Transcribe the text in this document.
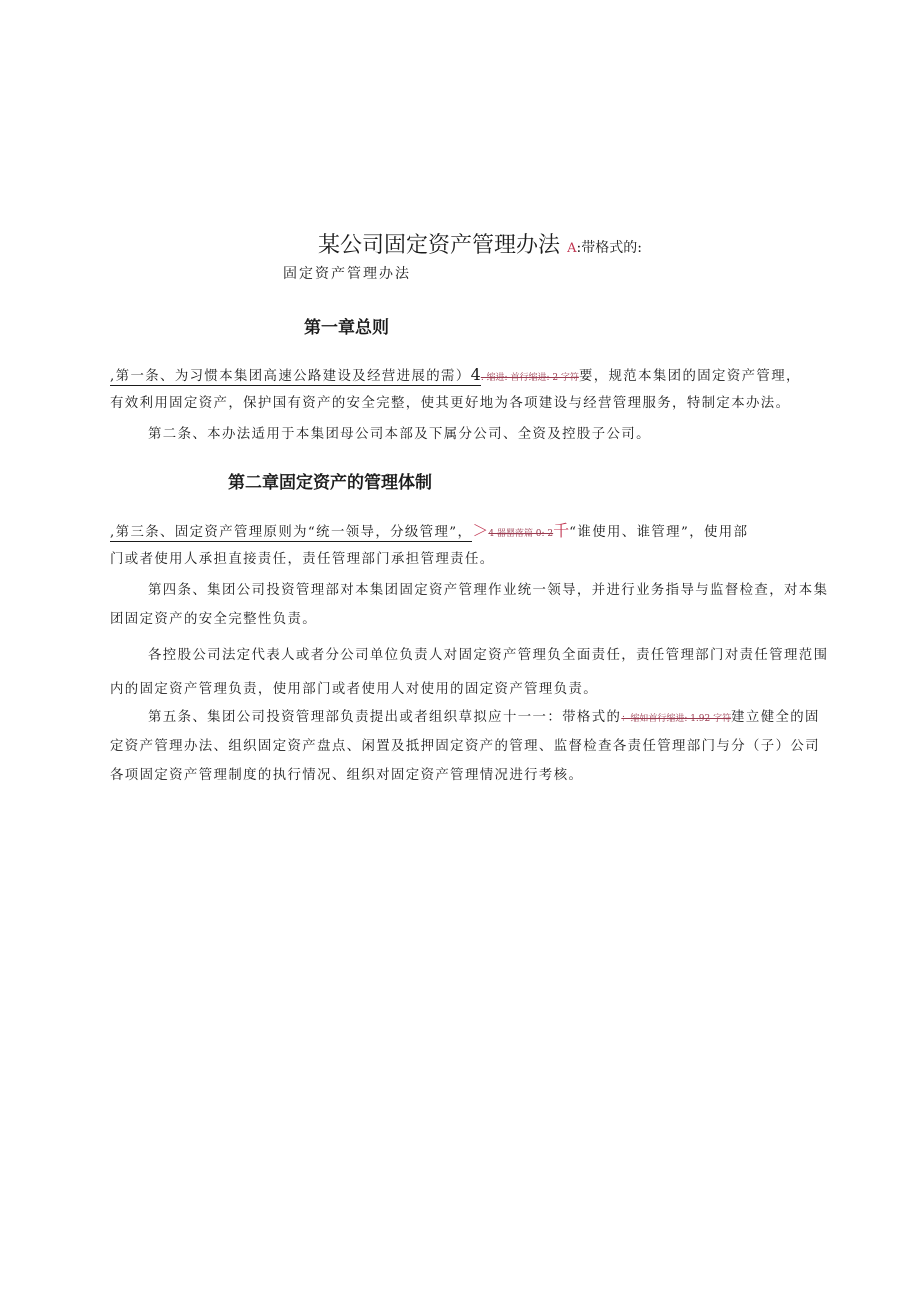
某公司固定资产管理办法 A:带格式的:
固定资产管理办法
第一章总则
,第一条、为习惯本集团高速公路建设及经营进展的需）4. 缩进: 首行缩进: 2 字符要，规范本集团的固定资产管理，
有效利用固定资产，保护国有资产的安全完整，使其更好地为各项建设与经营管理服务，特制定本办法。
第二条、本办法适用于本集团母公司本部及下属分公司、全资及控股子公司。
第二章固定资产的管理体制
,第三条、固定资产管理原则为“统一领导，分级管理”，＞4 器罂落篇 0: 2千“谁使用、谁管理”，使用部
门或者使用人承担直接责任，责任管理部门承担管理责任。
第四条、集团公司投资管理部对本集团固定资产管理作业统一领导，并进行业务指导与监督检查，对本集
团固定资产的安全完整性负责。
各控股公司法定代表人或者分公司单位负责人对固定资产管理负全面责任，责任管理部门对责任管理范围
内的固定资产管理负责，使用部门或者使用人对使用的固定资产管理负责。
第五条、集团公司投资管理部负责提出或者组织草拟应十一一：带格式的：缩如首行缩进: 1.92 字符建立健全的固
定资产管理办法、组织固定资产盘点、闲置及抵押固定资产的管理、监督检查各责任管理部门与分（子）公司
各项固定资产管理制度的执行情况、组织对固定资产管理情况进行考核。
